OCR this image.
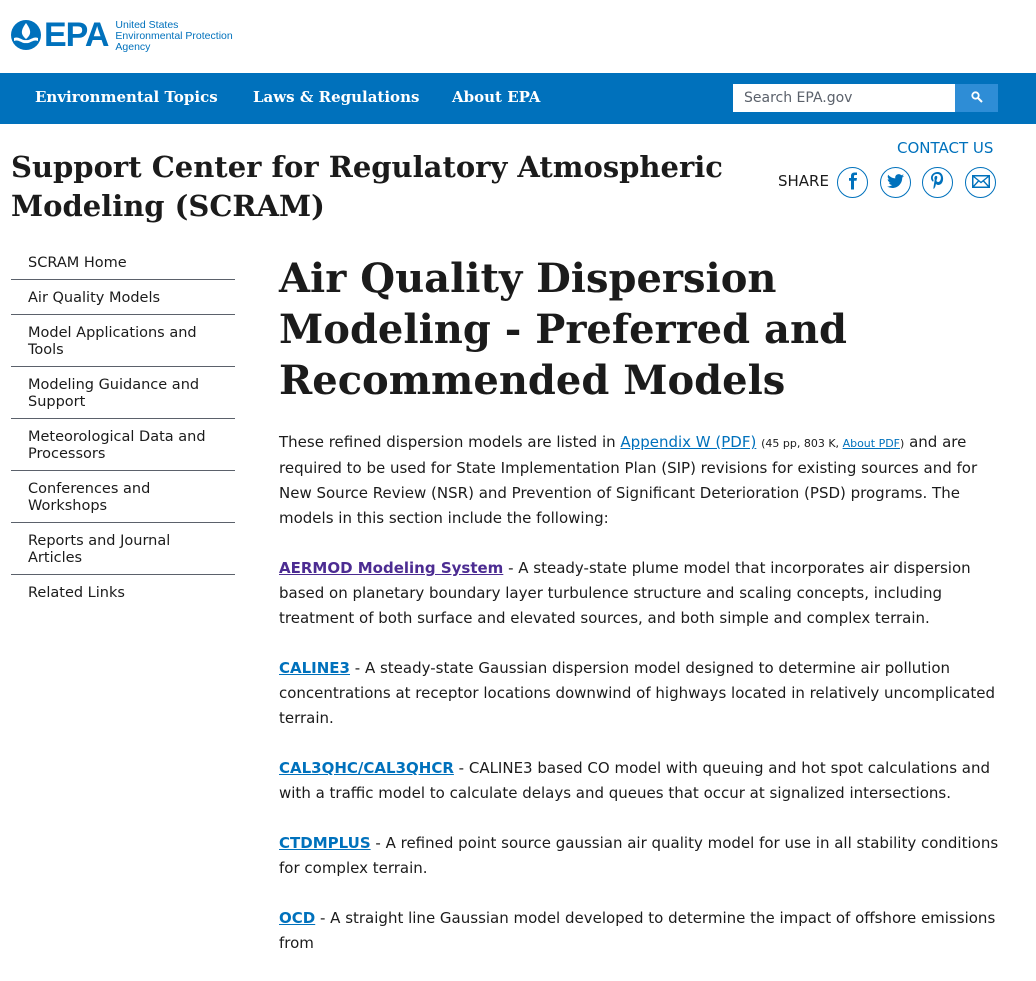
EPA United States
Environmental Protection
Agency
Environmental Topics Laws & Regulations About EPA
Search EPA.gov
Support Center for Regulatory Atmospheric Modeling (SCRAM)
CONTACT US
SHARE
SCRAM Home
Air Quality Models
Model Applications and Tools
Modeling Guidance and Support
Meteorological Data and Processors
Conferences and Workshops
Reports and Journal Articles
Related Links
Air Quality Dispersion Modeling - Preferred and Recommended Models

These refined dispersion models are listed in Appendix W (PDF) (45 pp, 803 K, About PDF) and are required to be used for State Implementation Plan (SIP) revisions for existing sources and for New Source Review (NSR) and Prevention of Significant Deterioration (PSD) programs. The models in this section include the following:

AERMOD Modeling System - A steady-state plume model that incorporates air dispersion based on planetary boundary layer turbulence structure and scaling concepts, including treatment of both surface and elevated sources, and both simple and complex terrain.

CALINE3 - A steady-state Gaussian dispersion model designed to determine air pollution concentrations at receptor locations downwind of highways located in relatively uncomplicated terrain.

CAL3QHC/CAL3QHCR - CALINE3 based CO model with queuing and hot spot calculations and with a traffic model to calculate delays and queues that occur at signalized intersections.

CTDMPLUS - A refined point source gaussian air quality model for use in all stability conditions for complex terrain.

OCD - A straight line Gaussian model developed to determine the impact of offshore emissions from
